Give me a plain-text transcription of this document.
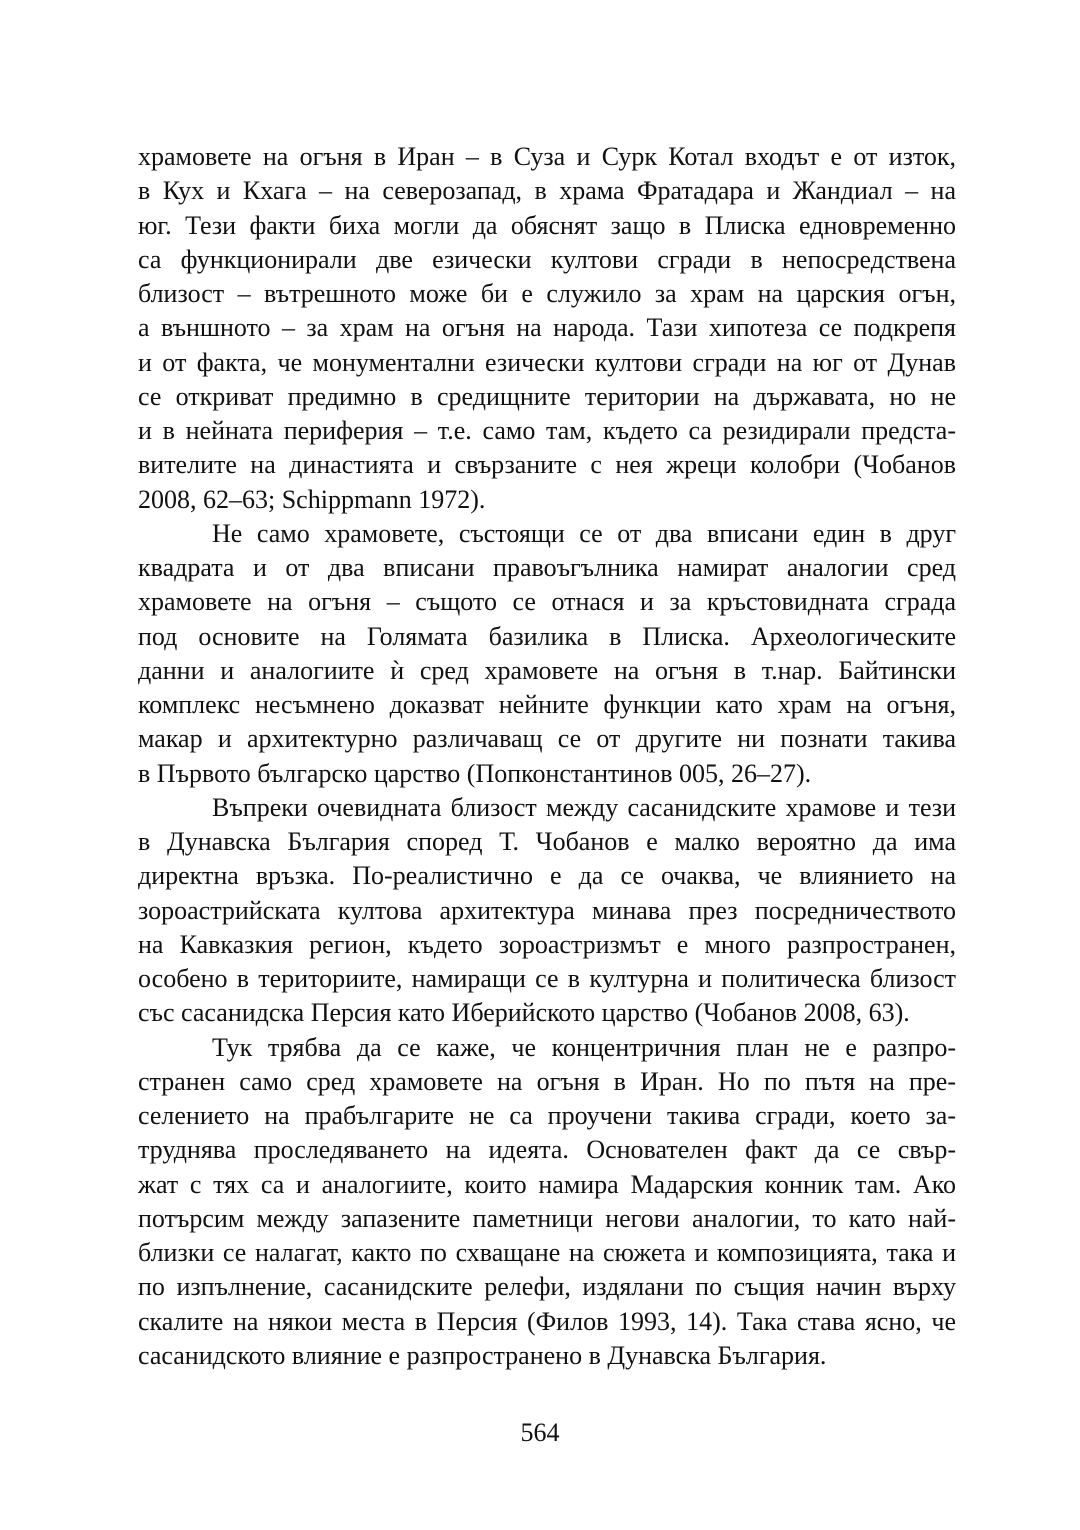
храмовете на огъня в Иран – в Суза и Сурк Котал входът е от изток,
в Кух и Кхага – на северозапад, в храма Фратадара и Жандиал – на
юг. Тези факти биха могли да обяснят защо в Плиска едновременно
са функционирали две езически култови сгради в непосредствена
близост – вътрешното може би е служило за храм на царския огън,
а външното – за храм на огъня на народа. Тази хипотеза се подкрепя
и от факта, че монументални езически култови сгради на юг от Дунав
се откриват предимно в средищните територии на държавата, но не
и в нейната периферия – т.е. само там, където са резидирали предста-
вителите на династията и свързаните с нея жреци колобри (Чобанов
2008, 62–63; Schippmann 1972).
Не само храмовете, състоящи се от два вписани един в друг
квадрата и от два вписани правоъгълника намират аналогии сред
храмовете на огъня – същото се отнася и за кръстовидната сграда
под основите на Голямата базилика в Плиска. Археологическите
данни и аналогиите ѝ сред храмовете на огъня в т.нар. Байтински
комплекс несъмнено доказват нейните функции като храм на огъня,
макар и архитектурно различаващ се от другите ни познати такива
в Първото българско царство (Попконстантинов 005, 26–27).
Въпреки очевидната близост между сасанидските храмове и тези
в Дунавска България според Т. Чобанов е малко вероятно да има
директна връзка. По-реалистично е да се очаква, че влиянието на
зороастрийската култова архитектура минава през посредничеството
на Кавказкия регион, където зороастризмът е много разпространен,
особено в териториите, намиращи се в културна и политическа близост
със сасанидска Персия като Иберийското царство (Чобанов 2008, 63).
Тук трябва да се каже, че концентричния план не е разпро-
странен само сред храмовете на огъня в Иран. Но по пътя на пре-
селението на прабългарите не са проучени такива сгради, което за-
труднява проследяването на идеята. Основателен факт да се свър-
жат с тях са и аналогиите, които намира Мадарския конник там. Ако
потърсим между запазените паметници негови аналогии, то като най-
близки се налагат, както по схващане на сюжета и композицията, така и
по изпълнение, сасанидските релефи, издялани по същия начин върху
скалите на някои места в Персия (Филов 1993, 14). Така става ясно, че
сасанидското влияние е разпространено в Дунавска България.
564
